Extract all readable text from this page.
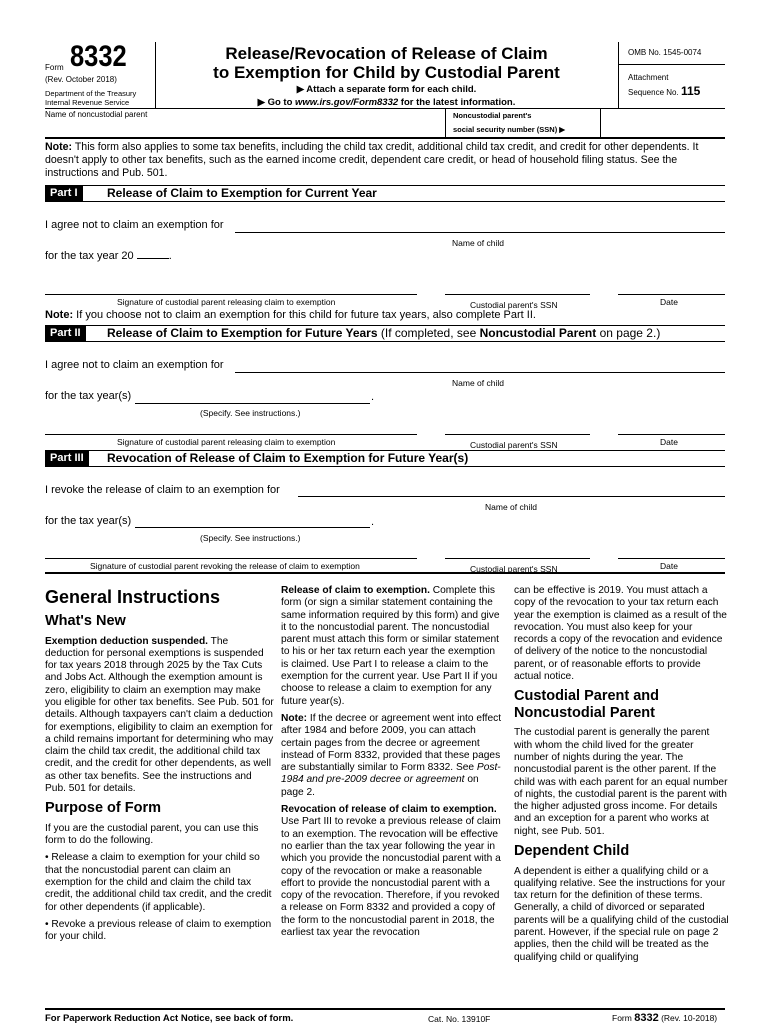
Form 8332
(Rev. October 2018)
Department of the Treasury
Internal Revenue Service
Release/Revocation of Release of Claim
to Exemption for Child by Custodial Parent
▶ Attach a separate form for each child.
▶ Go to www.irs.gov/Form8332 for the latest information.
OMB No. 1545-0074
Attachment
Sequence No. 115
Name of noncustodial parent	Noncustodial parent's
social security number (SSN) ▶
Note: This form also applies to some tax benefits, including the child tax credit, additional child tax credit, and credit for other dependents. It doesn't apply to other tax benefits, such as the earned income credit, dependent care credit, or head of household filing status. See the instructions and Pub. 501.
Part I	Release of Claim to Exemption for Current Year
I agree not to claim an exemption for
Name of child
for the tax year 20	.
Signature of custodial parent releasing claim to exemption	Custodial parent's SSN	Date
Note: If you choose not to claim an exemption for this child for future tax years, also complete Part II.
Part II	Release of Claim to Exemption for Future Years (If completed, see Noncustodial Parent on page 2.)
I agree not to claim an exemption for
Name of child
for the tax year(s)	.
(Specify. See instructions.)
Signature of custodial parent releasing claim to exemption	Custodial parent's SSN	Date
Part III	Revocation of Release of Claim to Exemption for Future Year(s)
I revoke the release of claim to an exemption for
Name of child
for the tax year(s)	.
(Specify. See instructions.)
Signature of custodial parent revoking the release of claim to exemption	Custodial parent's SSN	Date
General Instructions
What's New

Exemption deduction suspended. The deduction for personal exemptions is suspended for tax years 2018 through 2025 by the Tax Cuts and Jobs Act. Although the exemption amount is zero, eligibility to claim an exemption may make you eligible for other tax benefits. See Pub. 501 for details. Although taxpayers can't claim a deduction for exemptions, eligibility to claim an exemption for a child remains important for determining who may claim the child tax credit, the additional child tax credit, and the credit for other dependents, as well as other tax benefits. See the instructions and Pub. 501 for details.

Purpose of Form

If you are the custodial parent, you can use this form to do the following.

• Release a claim to exemption for your child so that the noncustodial parent can claim an exemption for the child and claim the child tax credit, the additional child tax credit, and the credit for other dependents (if applicable).

• Revoke a previous release of claim to exemption for your child.

Release of claim to exemption. Complete this form (or sign a similar statement containing the same information required by this form) and give it to the noncustodial parent. The noncustodial parent must attach this form or similar statement to his or her tax return each year the exemption is claimed. Use Part I to release a claim to the exemption for the current year. Use Part II if you choose to release a claim to exemption for any future year(s).

Note: If the decree or agreement went into effect after 1984 and before 2009, you can attach certain pages from the decree or agreement instead of Form 8332, provided that these pages are substantially similar to Form 8332. See Post-1984 and pre-2009 decree or agreement on page 2.

Revocation of release of claim to exemption. Use Part III to revoke a previous release of claim to an exemption. The revocation will be effective no earlier than the tax year following the year in which you provide the noncustodial parent with a copy of the revocation or make a reasonable effort to provide the noncustodial parent with a copy of the revocation. Therefore, if you revoked a release on Form 8332 and provided a copy of the form to the noncustodial parent in 2018, the earliest tax year the revocation

can be effective is 2019. You must attach a copy of the revocation to your tax return each year the exemption is claimed as a result of the revocation. You must also keep for your records a copy of the revocation and evidence of delivery of the notice to the noncustodial parent, or of reasonable efforts to provide actual notice.

Custodial Parent and Noncustodial Parent

The custodial parent is generally the parent with whom the child lived for the greater number of nights during the year. The noncustodial parent is the other parent. If the child was with each parent for an equal number of nights, the custodial parent is the parent with the higher adjusted gross income. For details and an exception for a parent who works at night, see Pub. 501.

Dependent Child

A dependent is either a qualifying child or a qualifying relative. See the instructions for your tax return for the definition of these terms. Generally, a child of divorced or separated parents will be a qualifying child of the custodial parent. However, if the special rule on page 2 applies, then the child will be treated as the qualifying child or qualifying

For Paperwork Reduction Act Notice, see back of form.	Cat. No. 13910F	Form 8332 (Rev. 10-2018)
